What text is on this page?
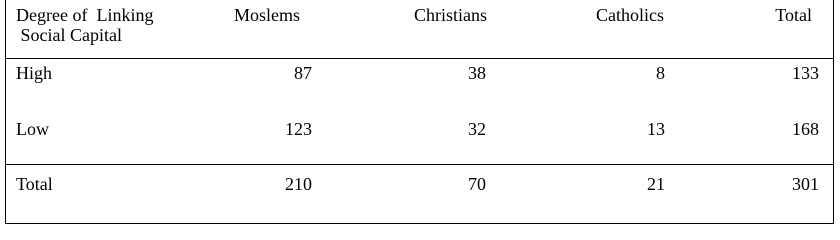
Degree of  Linking
Social Capital
Moslems	Christians	Catholics	Total
High	87	38	8	133
Low	123	32	13	168
Total	210	70	21	301
